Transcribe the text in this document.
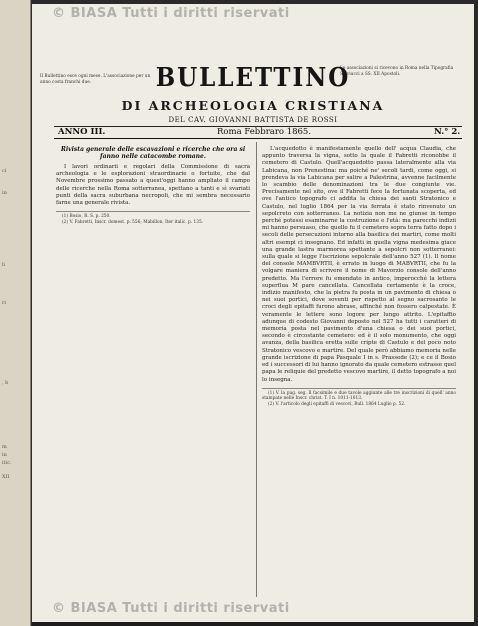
ci
in
li
ri
, b
m
in
itic.
XII
© BIASA Tutti i diritti riservati
Il Bullettino esce ogni mese. L'associazione per un anno costa franchi due.
Le associazioni si ricevono in Roma nella Tipografia Salviucci a SS. XII Apostoli.
BULLETTINO
DI ARCHEOLOGIA CRISTIANA
DEL CAV. GIOVANNI BATTISTA DE ROSSI
ANNO III.	Roma Febbraro 1865.	N.° 2.
Rivista generale delle escavazioni e ricerche che ora si fanno nelle catacombe romane.

I lavori ordinarii e regolari della Commissione di sacra archeologia e le esplorazioni straordinarie o fortuite, che dal Novembre prossimo passato a quest'oggi hanno ampliato il campo delle ricerche nella Roma sotterranea, spettano a tanti e sì svariati punti della sacra suburbana necropoli, che mi sembra necessario farne una generale rivista.

(1) Bosio, R. S. p. 250.
(2) V. Fabretti, Inscr. domest. p. 556; Mabillon, Iter italic. p. 135.

L'acquedotto è manifestamente quello dell' acqua Claudia, che appunto traversa la vigna, sotto la quale il Fabretti riconobbe il cemetero di Castulo. Quell'acquedotto passa lateralmente alla via Labicana, non Prenestina: ma poiché ne' secoli tardi, come oggi, si prendeva la via Labicana per salire a Palestrina, avvenne facilmente lo scambio delle denominazioni tra le due congiunte vie. Precisamente nel sito, ove il Fabretti fece la fortunata scoperta, ed ove l'antico topografo ci addita la chiesa dei santi Stratonico e Castulo, nel luglio 1864 per la via ferrata è stato rinvenuto un sepolcreto con sotterraneo. La notizia non me ne giunse in tempo perché potessi esaminarne la costruzione e l'età: ma parecchi indizii mi hanno persuaso, che quello fu il cemetero sopra terra fatto dopo i secoli delle persecuzioni intorno alla basilica dei martiri, come molti altri esempi ci insegnano. Ed infatti in quella vigna medesima giace una grande lastra marmorea spettante a sepolcri non sotterranei: sulla quale si legge l'iscrizione sepolcrale dell'anno 527 (1). Il nome del console MAMBVRTII, è errato in luogo di MABVRTII, che fu la volgare maniera di scrivere il nome di Mavorzio console dell'anno predetto. Ma l'errore fu emendato in antico, imperocché la lettera superflua M pare cancellata. Cancellata certamente è la croce, indizio manifesto, che la pietra fu posta in un pavimento di chiesa o nei suoi portici, dove soventi per rispetto al segno sacrosanto le croci degli epitaffi furono abrase, affinché non fossero calpestate. È veramente le lettere sono logore per lungo attrito. L'epitaffio adunque di codesto Giovanni deposto nel 527 ha tutti i caratteri di memoria posta nel pavimento d'una chiesa o dei suoi portici, secondo è circostante cemetero: ed è il solo monumento, che oggi avanza, della basilica eretta sulle cripte di Castulo e del poco noto Stratonico vescovo e martire. Del quale però abbiamo memoria nelle grande iscrizione di papa Pasquale I in s. Prassede (2); e ce il Bosio ed i successori di lui hanno ignorato da quale cemetero estrasse quel papa le reliquie del predetto vescovo martire, il detto topografo a noi lo insegna.

(1) V. la pag. seg. Il facsimile e due tavole aggiunte alle tre inscrizioni di quell' anno stampate nelle Inscr. christ. T. I n. 1011-1013.
(2) V. l'articolo degli epitaffi di vescovi, Bull. 1864 Luglio p. 52.
© BIASA Tutti i diritti riservati
